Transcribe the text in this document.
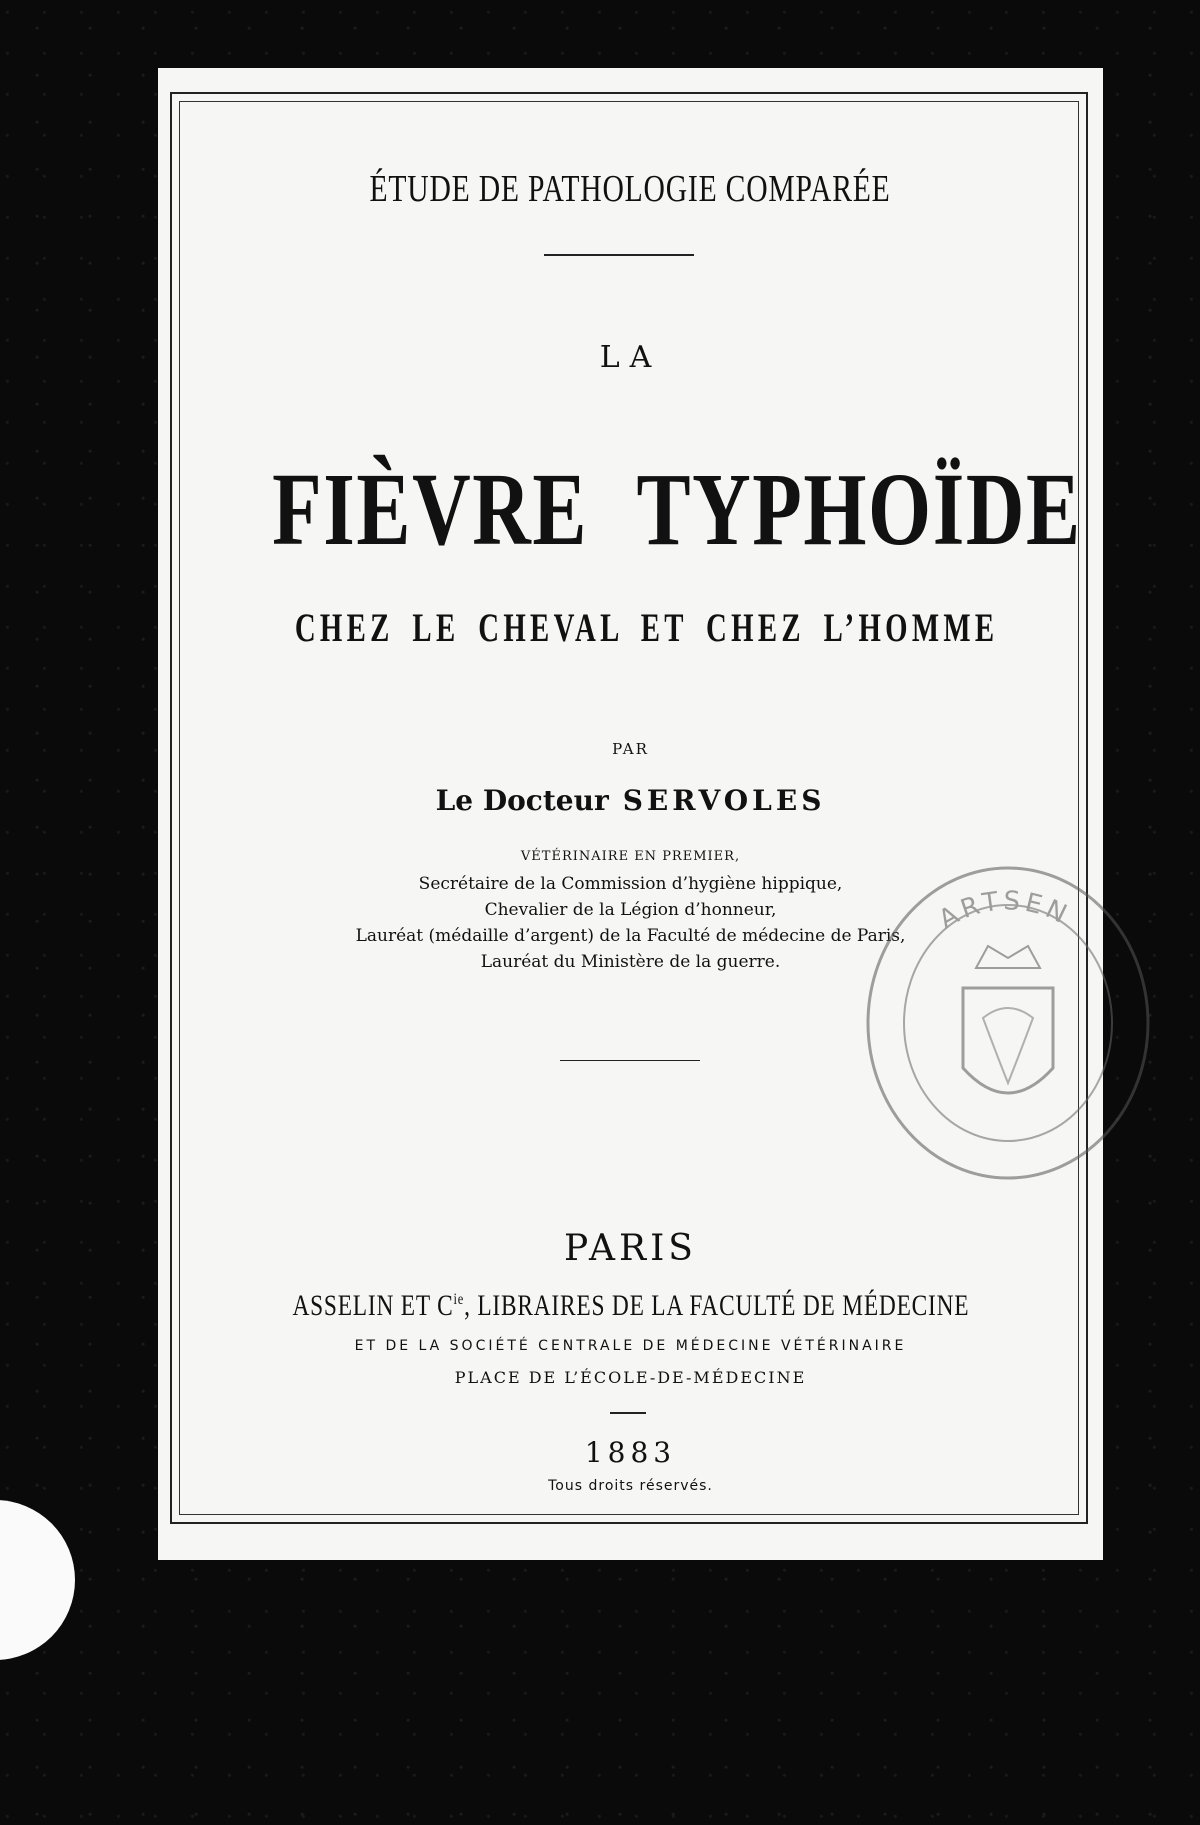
ÉTUDE DE PATHOLOGIE COMPARÉE
LA
FIÈVRE TYPHOÏDE
CHEZ LE CHEVAL ET CHEZ L’HOMME
PAR
Le Docteur SERVOLES
VÉTÉRINAIRE EN PREMIER,
Secrétaire de la Commission d’hygiène hippique,
Chevalier de la Légion d’honneur,
Lauréat (médaille d’argent) de la Faculté de médecine de Paris,
Lauréat du Ministère de la guerre.
PARIS
ASSELIN ET $C^{ie}$, LIBRAIRES DE LA FACULTÉ DE MÉDECINE
ET DE LA SOCIÉTÉ CENTRALE DE MÉDECINE VÉTÉRINAIRE
PLACE DE L’ÉCOLE-DE-MÉDECINE
1883
Tous droits réservés.
ARTSEN
